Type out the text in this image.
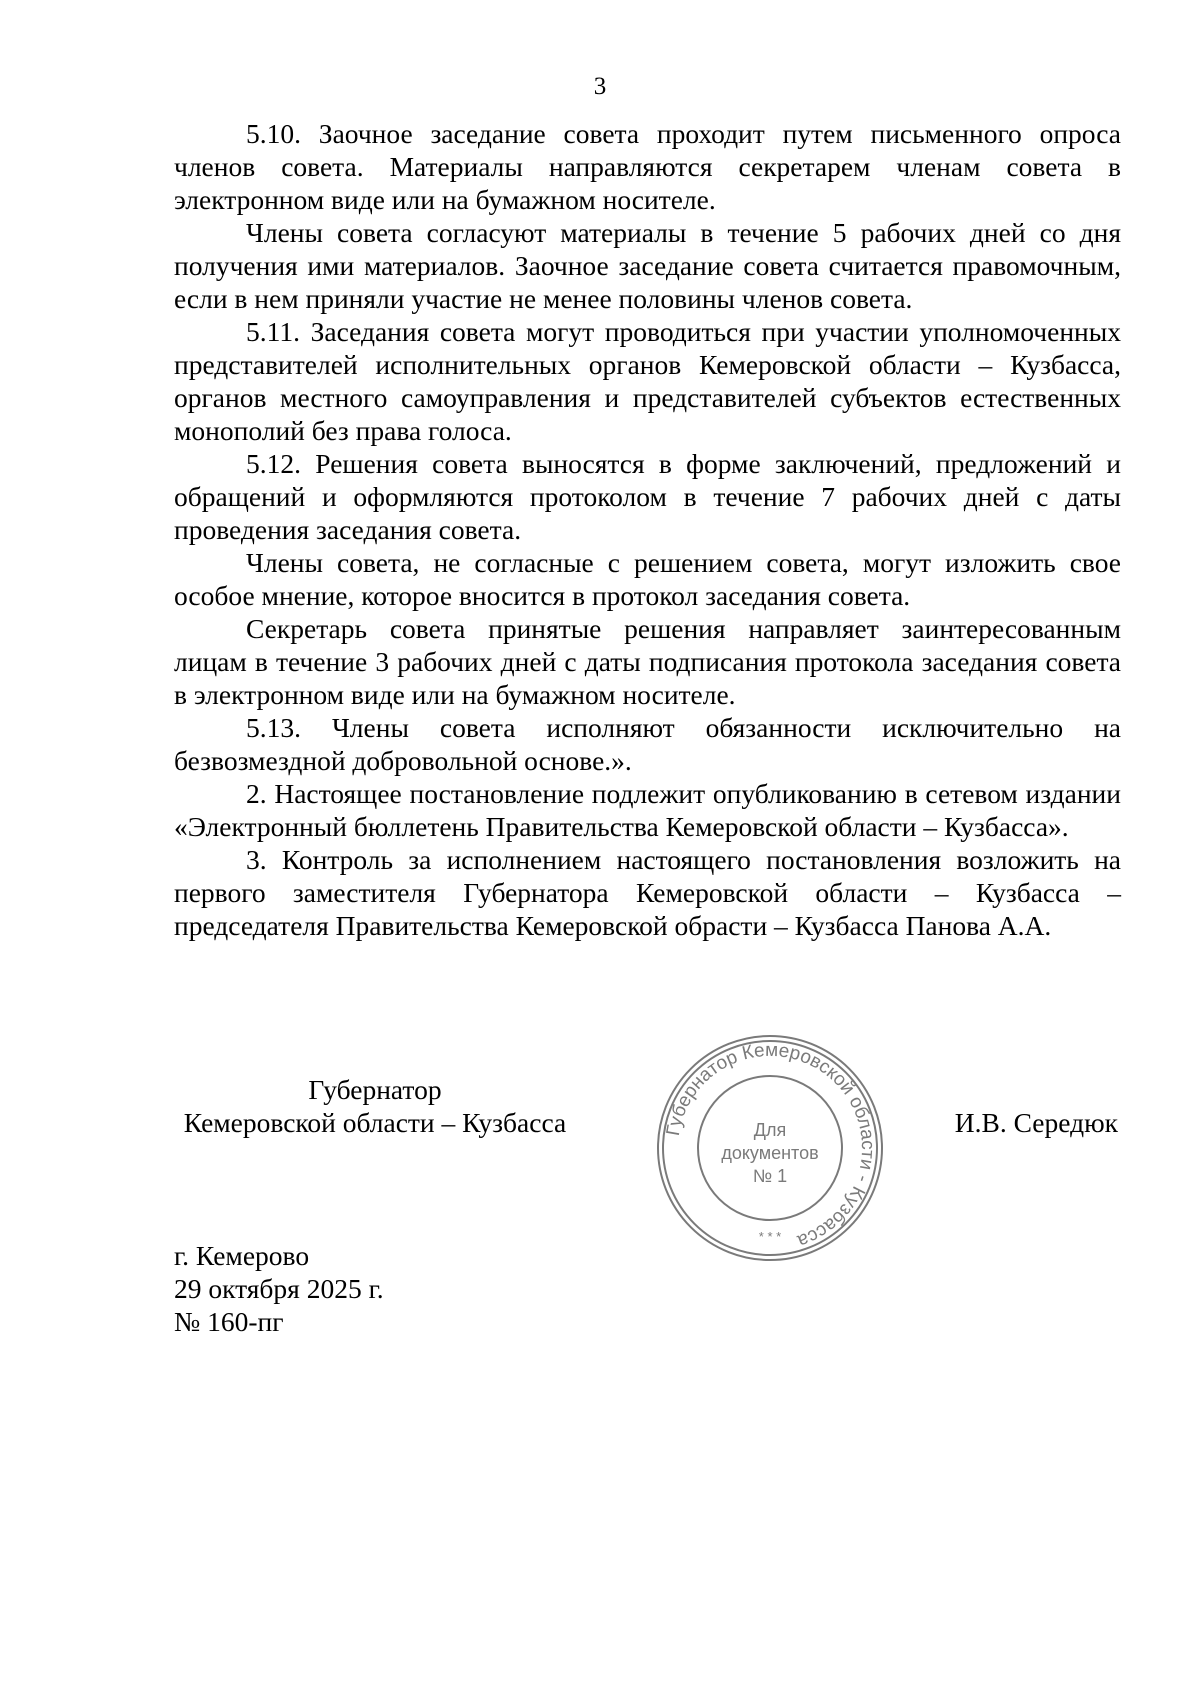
3

5.10. Заочное заседание совета проходит путем письменного опроса членов совета. Материалы направляются секретарем членам совета в электронном виде или на бумажном носителе.

Члены совета согласуют материалы в течение 5 рабочих дней со дня получения ими материалов. Заочное заседание совета считается правомочным, если в нем приняли участие не менее половины членов совета.

5.11. Заседания совета могут проводиться при участии уполномоченных представителей исполнительных органов Кемеровской области – Кузбасса, органов местного самоуправления и представителей субъектов естественных монополий без права голоса.

5.12. Решения совета выносятся в форме заключений, предложений и обращений и оформляются протоколом в течение 7 рабочих дней с даты проведения заседания совета.

Члены совета, не согласные с решением совета, могут изложить свое особое мнение, которое вносится в протокол заседания совета.

Секретарь совета принятые решения направляет заинтересованным лицам в течение 3 рабочих дней с даты подписания протокола заседания совета в электронном виде или на бумажном носителе.

5.13. Члены совета исполняют обязанности исключительно на безвозмездной добровольной основе.».

2. Настоящее постановление подлежит опубликованию в сетевом издании «Электронный бюллетень Правительства Кемеровской области – Кузбасса».

3. Контроль за исполнением настоящего постановления возложить на первого заместителя Губернатора Кемеровской области – Кузбасса – председателя Правительства Кемеровской обрасти – Кузбасса Панова А.А.

Губернатор
Кемеровской области – Кузбасса	Губернатор Кемеровской области - Кузбасса
Для
документов
№ 1
* * *
И.В. Середюк
г. Кемерово
29 октября 2025 г.
№ 160-пг
